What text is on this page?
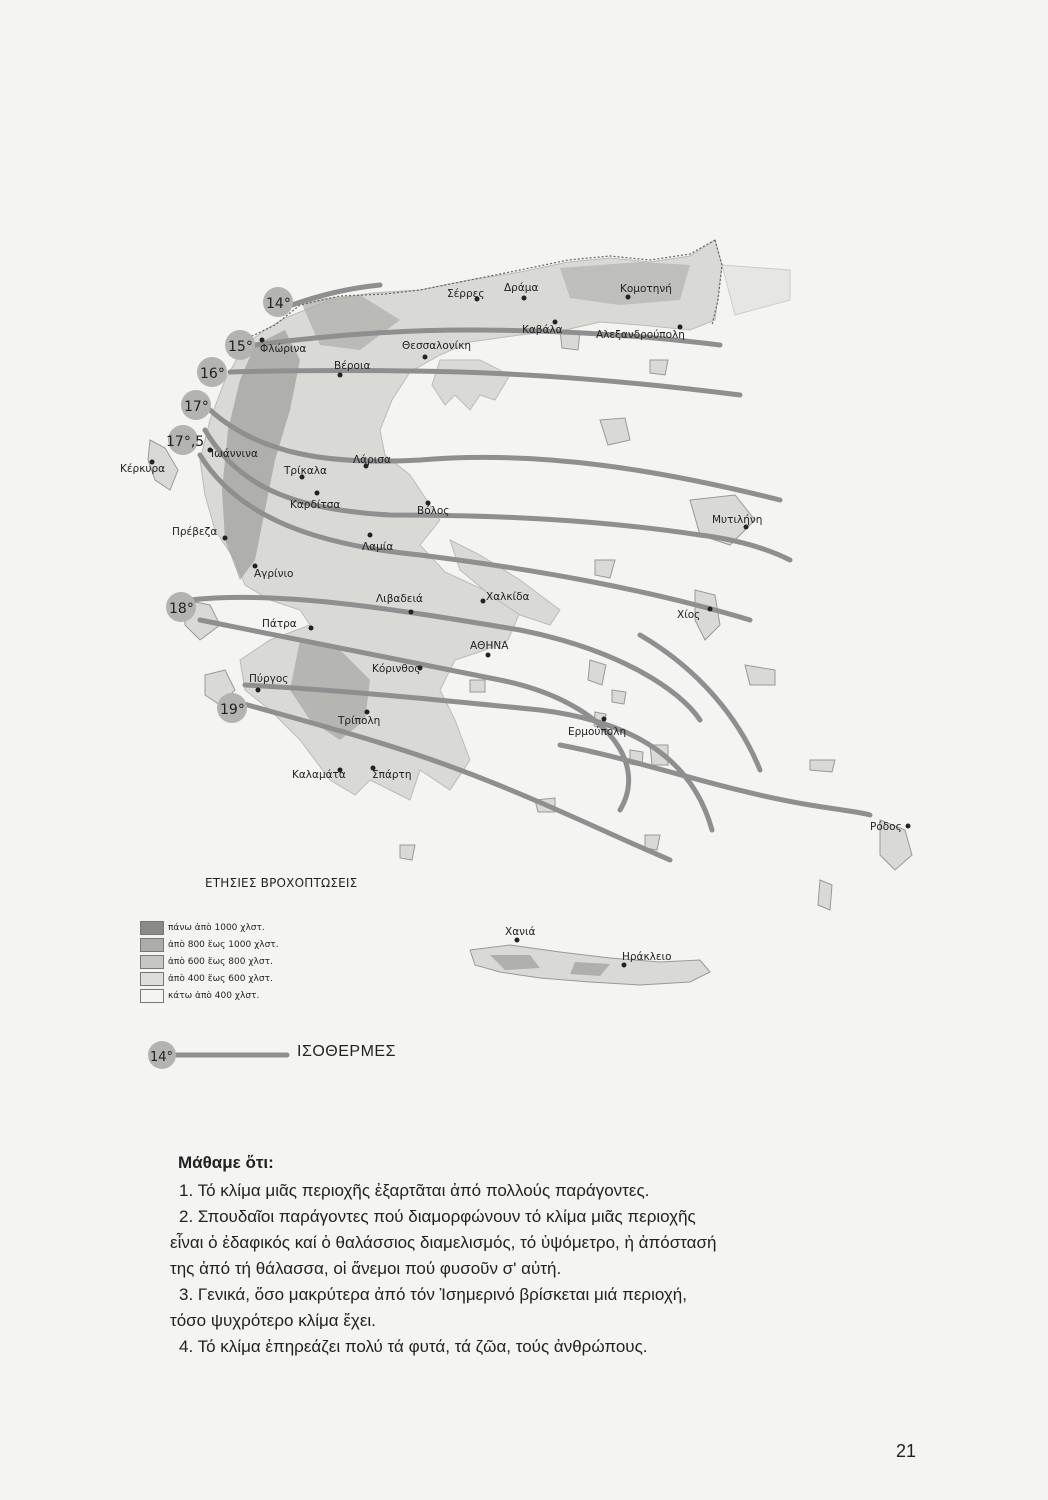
14°
15°
16°
17°
17°,5
18°
19°
Σέρρες Δράμα	Κομοτηνή
Καβάλα	Αλεξανδρούπολη
Φλώρινα
Βέροια
Θεσσαλονίκη
Ιωάννινα
Κέρκυρα	Τρίκαλα
Λάρισα
Καρδίτσα	Βόλος
Μυτιλήνη
Πρέβεζα
Λαμία
Αγρίνιο
Λιβαδειά	Χαλκίδα
Χίος
Πάτρα
ΑΘΗΝΑ
Κόρινθος
Πύργος
Τρίπολη
Ερμούπολη
Καλαμάτα Σπάρτη
Ρόδος
Χανιά
Ηράκλειο
ΕΤΗΣΙΕΣ ΒΡΟΧΟΠΤΩΣΕΙΣ
πάνω ἀπὸ 1000 χλστ.
ἀπὸ 800 ἕως 1000 χλστ.
ἀπὸ 600 ἕως 800 χλστ.
ἀπὸ 400 ἕως 600 χλστ.
κάτω ἀπὸ 400 χλστ.
14°	ΙΣΟΘΕΡΜΕΣ
Μάθαμε ὅτι:
1. Τό κλίμα μιᾶς περιοχῆς ἐξαρτᾶται ἀπό πολλούς παράγοντες.
2. Σπουδαῖοι παράγοντες πού διαμορφώνουν τό κλίμα μιᾶς περιοχῆς
εἶναι ὁ ἐδαφικός καί ὁ θαλάσσιος διαμελισμός, τό ὑψόμετρο, ἡ ἀπόστασή
της ἀπό τή θάλασσα, οἱ ἄνεμοι πού φυσοῦν σ' αὐτή.
3. Γενικά, ὅσο μακρύτερα ἀπό τόν Ἰσημερινό βρίσκεται μιά περιοχή,
τόσο ψυχρότερο κλίμα ἔχει.
4. Τό κλίμα ἐπηρεάζει πολύ τά φυτά, τά ζῶα, τούς ἀνθρώπους.
21
